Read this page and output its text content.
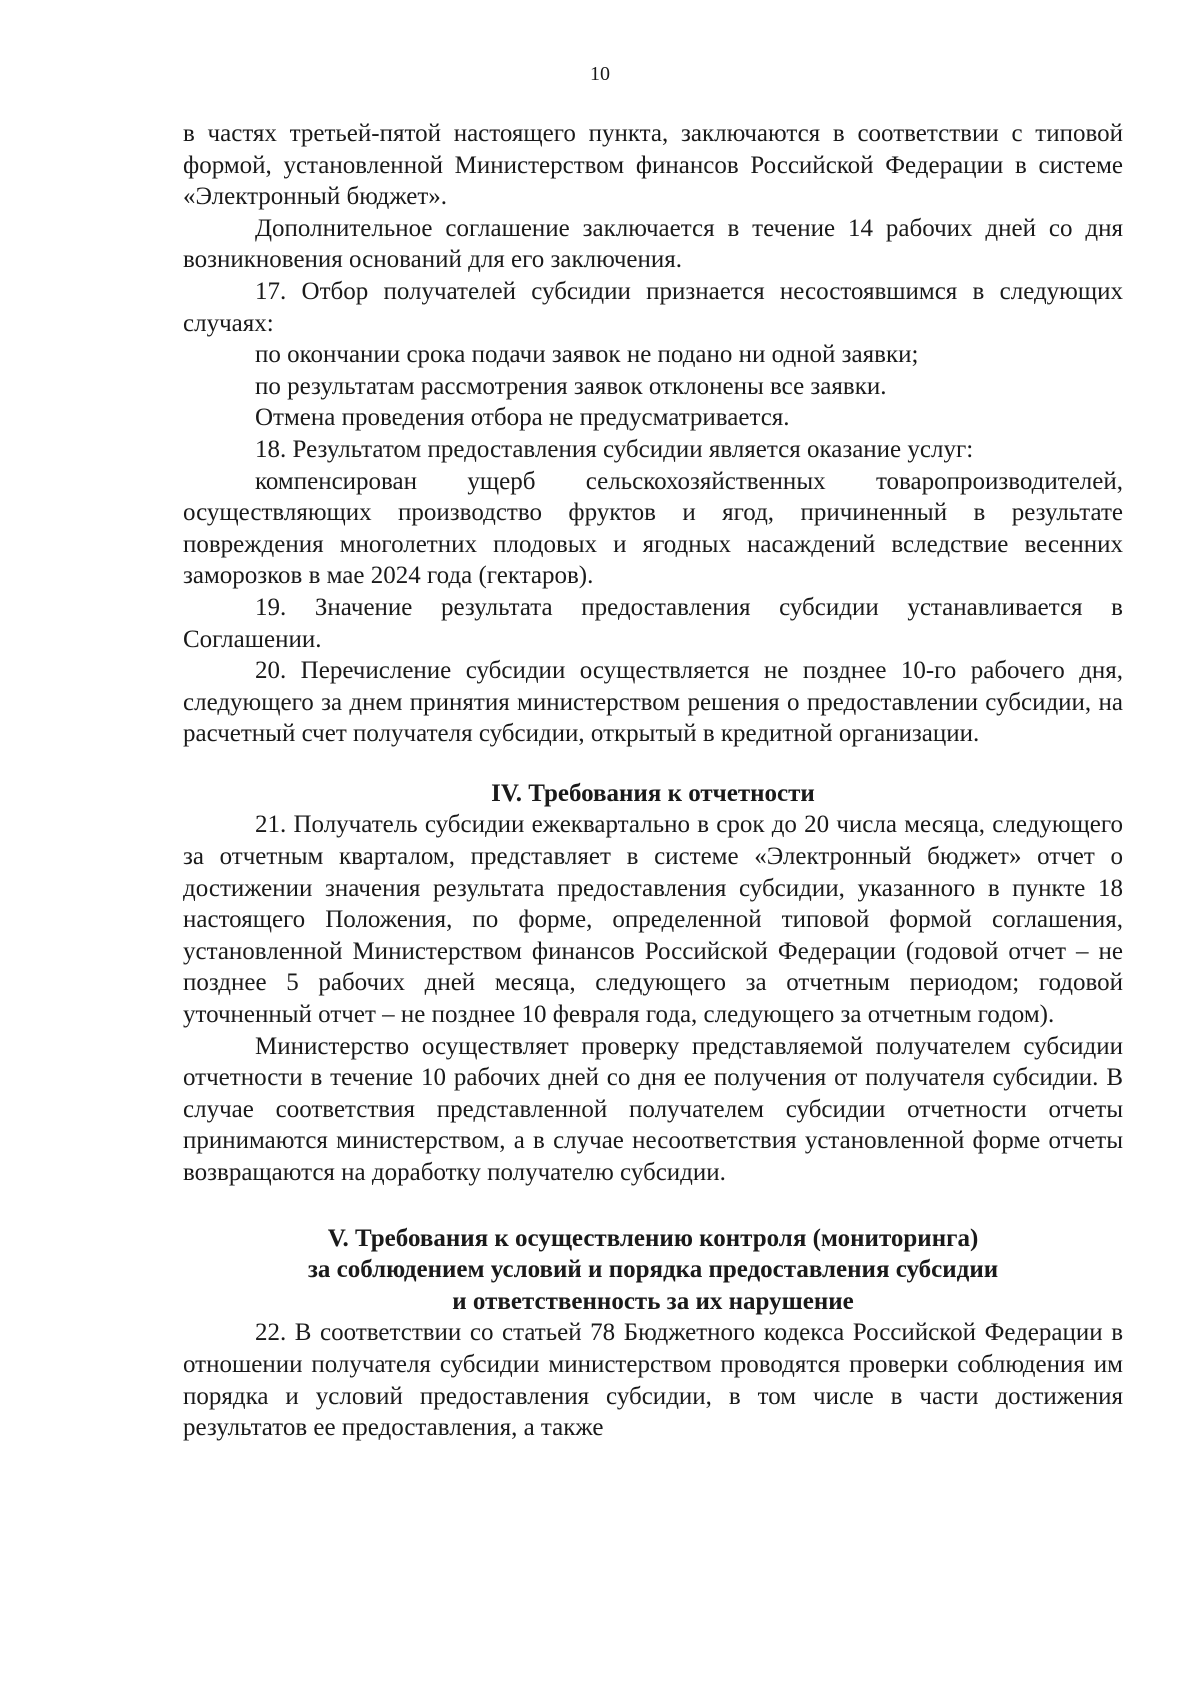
10

в частях третьей-пятой настоящего пункта, заключаются в соответствии с типовой формой, установленной Министерством финансов Российской Федерации в системе «Электронный бюджет».

Дополнительное соглашение заключается в течение 14 рабочих дней со дня возникновения оснований для его заключения.

17. Отбор получателей субсидии признается несостоявшимся в следующих случаях:

по окончании срока подачи заявок не подано ни одной заявки;

по результатам рассмотрения заявок отклонены все заявки.

Отмена проведения отбора не предусматривается.

18. Результатом предоставления субсидии является оказание услуг:

компенсирован ущерб сельскохозяйственных товаропроизводителей, осуществляющих производство фруктов и ягод, причиненный в результате повреждения многолетних плодовых и ягодных насаждений вследствие весенних заморозков в мае 2024 года (гектаров).

19. Значение результата предоставления субсидии устанавливается в Соглашении.

20. Перечисление субсидии осуществляется не позднее 10-го рабочего дня, следующего за днем принятия министерством решения о предоставлении субсидии, на расчетный счет получателя субсидии, открытый в кредитной организации.

IV. Требования к отчетности

21. Получатель субсидии ежеквартально в срок до 20 числа месяца, следующего за отчетным кварталом, представляет в системе «Электронный бюджет» отчет о достижении значения результата предоставления субсидии, указанного в пункте 18 настоящего Положения, по форме, определенной типовой формой соглашения, установленной Министерством финансов Российской Федерации (годовой отчет – не позднее 5 рабочих дней месяца, следующего за отчетным периодом; годовой уточненный отчет – не позднее 10 февраля года, следующего за отчетным годом).

Министерство осуществляет проверку представляемой получателем субсидии отчетности в течение 10 рабочих дней со дня ее получения от получателя субсидии. В случае соответствия представленной получателем субсидии отчетности отчеты принимаются министерством, а в случае несоответствия установленной форме отчеты возвращаются на доработку получателю субсидии.

V. Требования к осуществлению контроля (мониторинга)
за соблюдением условий и порядка предоставления субсидии
и ответственность за их нарушение

22. В соответствии со статьей 78 Бюджетного кодекса Российской Федерации в отношении получателя субсидии министерством проводятся проверки соблюдения им порядка и условий предоставления субсидии, в том числе в части достижения результатов ее предоставления, а также
